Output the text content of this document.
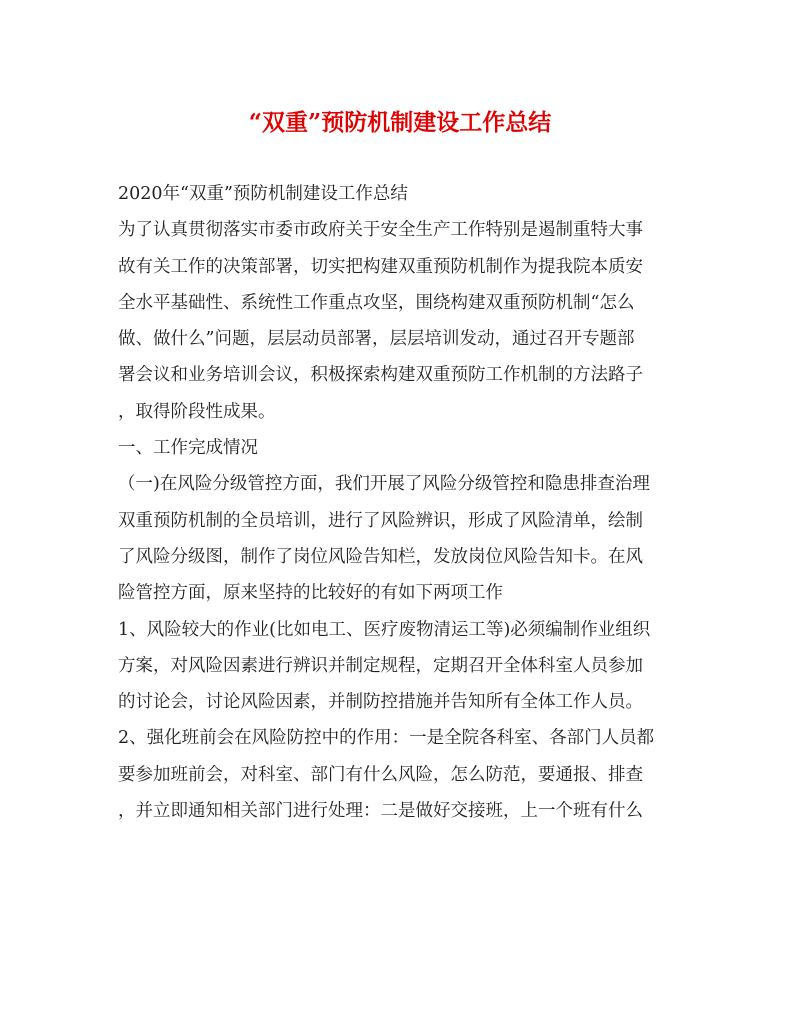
“双重”预防机制建设工作总结

2020年“双重”预防机制建设工作总结

为了认真贯彻落实市委市政府关于安全生产工作特别是遏制重特大事

故有关工作的决策部署，切实把构建双重预防机制作为提我院本质安

全水平基础性、系统性工作重点攻坚，围绕构建双重预防机制“怎么

做、做什么”问题，层层动员部署，层层培训发动，通过召开专题部

署会议和业务培训会议，积极探索构建双重预防工作机制的方法路子

，取得阶段性成果。

一、工作完成情况

（一)在风险分级管控方面，我们开展了风险分级管控和隐患排查治理

双重预防机制的全员培训，进行了风险辨识，形成了风险清单，绘制

了风险分级图，制作了岗位风险告知栏，发放岗位风险告知卡。在风

险管控方面，原来坚持的比较好的有如下两项工作

1、风险较大的作业(比如电工、医疗废物清运工等)必须编制作业组织

方案，对风险因素进行辨识并制定规程，定期召开全体科室人员参加

的讨论会，讨论风险因素，并制防控措施并告知所有全体工作人员。

2、强化班前会在风险防控中的作用：一是全院各科室、各部门人员都

要参加班前会，对科室、部门有什么风险，怎么防范，要通报、排查

，并立即通知相关部门进行处理：二是做好交接班，上一个班有什么
